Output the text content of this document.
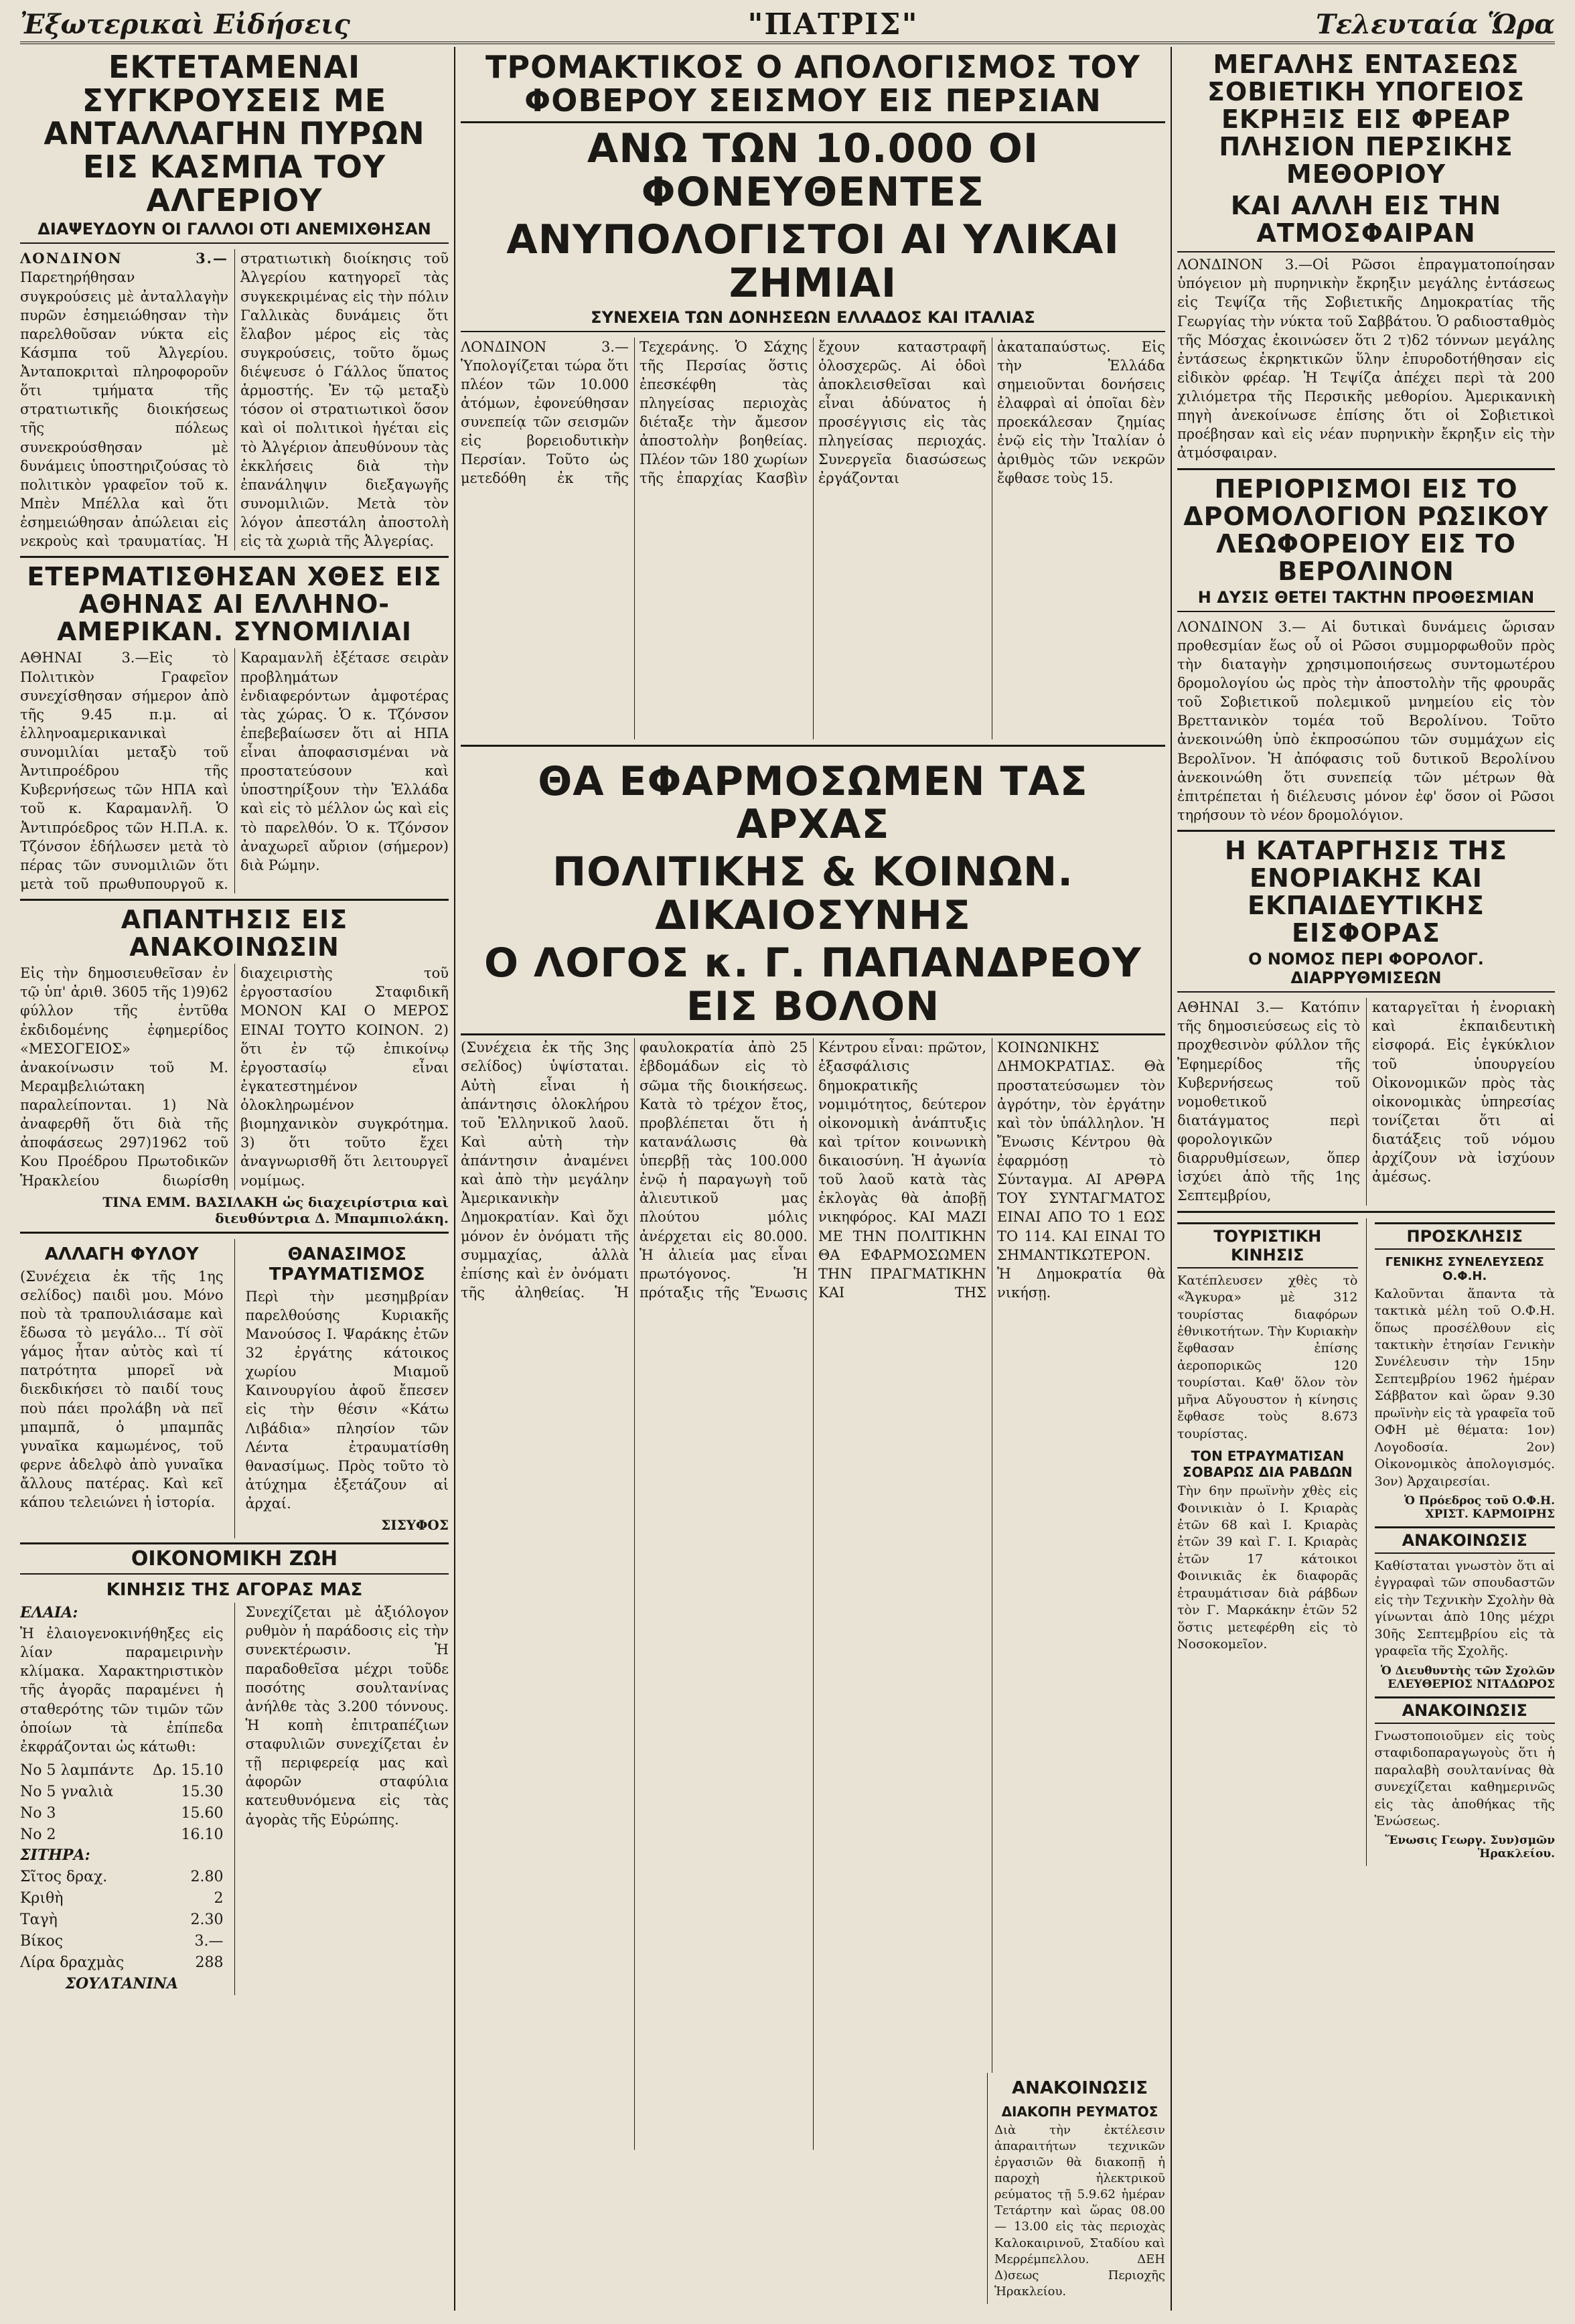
Ἐξωτερικαὶ Εἰδήσεις	"ΠΑΤΡΙΣ"	Τελευταία Ὥρα
ΕΚΤΕΤΑΜΕΝΑΙ ΣΥΓΚΡΟΥΣΕΙΣ ΜΕ ΑΝΤΑΛΛΑΓΗΝ ΠΥΡΩΝ ΕΙΣ ΚΑΣΜΠΑ ΤΟΥ ΑΛΓΕΡΙΟΥ
ΔΙΑΨΕΥΔΟΥΝ ΟΙ ΓΑΛΛΟΙ ΟΤΙ ΑΝΕΜΙΧΘΗΣΑΝ
ΛΟΝΔΙΝΟΝ 3.— Παρετηρήθησαν συγκρούσεις μὲ ἀνταλλαγὴν πυρῶν ἐσημειώθησαν τὴν παρελθοῦσαν νύκτα εἰς Κάσμπα τοῦ Ἀλγερίου. Ἀνταποκριταὶ πληροφοροῦν ὅτι τμήματα τῆς στρατιωτικῆς διοικήσεως τῆς πόλεως συνεκρούσθησαν μὲ δυνάμεις ὑποστηριζούσας τὸ πολιτικὸν γραφεῖον τοῦ κ. Μπὲν Μπέλλα καὶ ὅτι ἐσημειώθησαν ἀπώλειαι εἰς νεκροὺς καὶ τραυματίας. Ἡ στρατιωτικὴ διοίκησις τοῦ Ἀλγερίου κατηγορεῖ τὰς συγκεκριμένας εἰς τὴν πόλιν Γαλλικὰς δυνάμεις ὅτι ἔλαβον μέρος εἰς τὰς συγκρούσεις, τοῦτο ὅμως διέψευσε ὁ Γάλλος ὕπατος ἁρμοστής. Ἐν τῷ μεταξὺ τόσον οἱ στρατιωτικοὶ ὅσον καὶ οἱ πολιτικοὶ ἡγέται εἰς τὸ Ἀλγέριον ἀπευθύνουν τὰς ἐκκλήσεις διὰ τὴν ἐπανάληψιν διεξαγωγῆς συνομιλιῶν. Μετὰ τὸν λόγον ἀπεστάλη ἀποστολὴ εἰς τὰ χωριὰ τῆς Ἀλγερίας.
ΕΤΕΡΜΑΤΙΣΘΗΣΑΝ ΧΘΕΣ ΕΙΣ ΑΘΗΝΑΣ ΑΙ ΕΛΛΗΝΟ-ΑΜΕΡΙΚΑΝ. ΣΥΝΟΜΙΛΙΑΙ
ΑΘΗΝΑΙ 3.—Εἰς τὸ Πολιτικὸν Γραφεῖον συνεχίσθησαν σήμερον ἀπὸ τῆς 9.45 π.μ. αἱ ἑλληνοαμερικανικαὶ συνομιλίαι μεταξὺ τοῦ Ἀντιπροέδρου τῆς Κυβερνήσεως τῶν ΗΠΑ καὶ τοῦ κ. Καραμανλῆ. Ὁ Ἀντιπρόεδρος τῶν Η.Π.Α. κ. Τζόνσον ἐδήλωσεν μετὰ τὸ πέρας τῶν συνομιλιῶν ὅτι μετὰ τοῦ πρωθυπουργοῦ κ. Καραμανλῆ ἐξέτασε σειρὰν προβλημάτων ἐνδιαφερόντων ἀμφοτέρας τὰς χώρας. Ὁ κ. Τζόνσον ἐπεβεβαίωσεν ὅτι αἱ ΗΠΑ εἶναι ἀποφασισμέναι νὰ προστατεύσουν καὶ ὑποστηρίξουν τὴν Ἑλλάδα καὶ εἰς τὸ μέλλον ὡς καὶ εἰς τὸ παρελθόν. Ὁ κ. Τζόνσον ἀναχωρεῖ αὔριον (σήμερον) διὰ Ρώμην.
ΑΠΑΝΤΗΣΙΣ ΕΙΣ ΑΝΑΚΟΙΝΩΣΙΝ
Εἰς τὴν δημοσιευθεῖσαν ἐν τῷ ὑπ' ἀριθ. 3605 τῆς 1)9)62 φύλλον τῆς ἐντῦθα ἐκδιδομένης ἐφημερίδος «ΜΕΣΟΓΕΙΟΣ» ἀνακοίνωσιν τοῦ Μ. Μεραμβελιώτακη παραλείπονται. 1) Νὰ ἀναφερθῆ ὅτι διὰ τῆς ἀποφάσεως 297)1962 τοῦ Κου Προέδρου Πρωτοδικῶν Ἡρακλείου διωρίσθη διαχειριστὴς τοῦ ἐργοστασίου Σταφιδικῆ ΜΟΝΟΝ ΚΑΙ Ο ΜΕΡΟΣ ΕΙΝΑΙ ΤΟΥΤΟ ΚΟΙΝΟΝ. 2) ὅτι ἐν τῷ ἐπικοίνῳ ἐργοστασίῳ εἶναι ἐγκατεστημένον ὁλοκληρωμένον βιομηχανικὸν συγκρότημα. 3) ὅτι τοῦτο ἔχει ἀναγνωρισθῆ ὅτι λειτουργεῖ νομίμως.
ΤΙΝΑ ΕΜΜ. ΒΑΣΙΛΑΚΗ ὡς διαχειρίστρια καὶ διευθύντρια Δ. Μπαμπιολάκη.
ΑΛΛΑΓΗ ΦΥΛΟΥ
(Συνέχεια ἐκ τῆς 1ης σελίδος) παιδὶ μου. Μόνο ποὺ τὰ τραπουλιάσαμε καὶ ἔδωσα τὸ μεγάλο... Τί σὸϊ γάμος ἦταν αὐτὸς καὶ τί πατρότητα μπορεῖ νὰ διεκδικήσει τὸ παιδί τους ποὺ πάει προλάβη νὰ πεῖ μπαμπᾶ, ὁ μπαμπᾶς γυναῖκα καμωμένος, τοῦ φερνε ἀδελφὸ ἀπὸ γυναῖκα ἄλλους πατέρας. Καὶ κεῖ κάπου τελειώνει ἡ ἱστορία.
ΘΑΝΑΣΙΜΟΣ ΤΡΑΥΜΑΤΙΣΜΟΣ
Περὶ τὴν μεσημβρίαν παρελθούσης Κυριακῆς Μανούσος Ι. Ψαράκης ἐτῶν 32 ἐργάτης κάτοικος χωρίου Μιαμοῦ Καινουργίου ἀφοῦ ἔπεσεν εἰς τὴν θέσιν «Κάτω Λιβάδια» πλησίον τῶν Λέντα ἐτραυματίσθη θανασίμως. Πρὸς τοῦτο τὸ ἀτύχημα ἐξετάζουν αἱ ἀρχαί.
ΣΙΣΥΦΟΣ
ΟΙΚΟΝΟΜΙΚΗ ΖΩΗ
ΚΙΝΗΣΙΣ ΤΗΣ ΑΓΟΡΑΣ ΜΑΣ
ΕΛΑΙΑ:
Ἡ ἐλαιογενοκινήθηξες εἰς λίαν παραμειρινὴν κλίμακα. Χαρακτηριστικὸν τῆς ἀγορᾶς παραμένει ἡ σταθερότης τῶν τιμῶν τῶν ὁποίων τὰ ἐπίπεδα ἐκφράζονται ὡς κάτωθι:
Νο 5 λαμπάντε Δρ. 15.10
Νο 5 γναλιὰ	15.30
Νο 3	15.60
Νο 2	16.10
ΣΙΤΗΡΑ:
Σῖτος δραχ.	2.80
Κριθὴ	2
Ταγὴ	2.30
Βίκος	3.—
Λίρα δραχμὰς	288
ΣΟΥΛΤΑΝΙΝΑ
Συνεχίζεται μὲ ἀξιόλογον ρυθμὸν ἡ παράδοσις εἰς τὴν συνεκτέρωσιν. Ἡ παραδοθεῖσα μέχρι τοῦδε ποσότης σουλτανίνας ἀνήλθε τὰς 3.200 τόννους. Ἡ κοπὴ ἐπιτραπέζιων σταφυλιῶν συνεχίζεται ἐν τῇ περιφερείᾳ μας καὶ ἀφορῶν σταφύλια κατευθυνόμενα εἰς τὰς ἀγορὰς τῆς Εὐρώπης.
ΤΡΟΜΑΚΤΙΚΟΣ Ο ΑΠΟΛΟΓΙΣΜΟΣ ΤΟΥ ΦΟΒΕΡΟΥ ΣΕΙΣΜΟΥ ΕΙΣ ΠΕΡΣΙΑΝ
ΑΝΩ ΤΩΝ 10.000 ΟΙ ΦΟΝΕΥΘΕΝΤΕΣ
ΑΝΥΠΟΛΟΓΙΣΤΟΙ ΑΙ ΥΛΙΚΑΙ ΖΗΜΙΑΙ
ΣΥΝΕΧΕΙΑ ΤΩΝ ΔΟΝΗΣΕΩΝ ΕΛΛΑΔΟΣ ΚΑΙ ΙΤΑΛΙΑΣ
ΛΟΝΔΙΝΟΝ 3.— Ὑπολογίζεται τώρα ὅτι πλέον τῶν 10.000 ἀτόμων, ἐφονεύθησαν συνεπείᾳ τῶν σεισμῶν εἰς βορειοδυτικὴν Περσίαν. Τοῦτο ὡς μετεδόθη ἐκ τῆς Τεχεράνης. Ὁ Σάχης τῆς Περσίας ὅστις ἐπεσκέφθη τὰς πληγείσας περιοχὰς διέταξε τὴν ἄμεσον ἀποστολὴν βοηθείας. Πλέον τῶν 180 χωρίων τῆς ἐπαρχίας Κασβὶν ἔχουν καταστραφῆ ὁλοσχερῶς. Αἱ ὁδοὶ ἀποκλεισθεῖσαι καὶ εἶναι ἀδύνατος ἡ προσέγγισις εἰς τὰς πληγείσας περιοχάς. Συνεργεῖα διασώσεως ἐργάζονται ἀκαταπαύστως. Εἰς τὴν Ἑλλάδα σημειοῦνται δονήσεις ἐλαφραὶ αἱ ὁποῖαι δὲν προεκάλεσαν ζημίας ἐνῷ εἰς τὴν Ἰταλίαν ὁ ἀριθμὸς τῶν νεκρῶν ἔφθασε τοὺς 15.
ΘΑ ΕΦΑΡΜΟΣΩΜΕΝ ΤΑΣ ΑΡΧΑΣ
ΠΟΛΙΤΙΚΗΣ & ΚΟΙΝΩΝ. ΔΙΚΑΙΟΣΥΝΗΣ
Ο ΛΟΓΟΣ κ. Γ. ΠΑΠΑΝΔΡΕΟΥ ΕΙΣ ΒΟΛΟΝ
(Συνέχεια ἐκ τῆς 3ης σελίδος) ὑψίσταται. Αὐτὴ εἶναι ἡ ἀπάντησις ὁλοκλήρου τοῦ Ἑλληνικοῦ λαοῦ. Καὶ αὐτὴ τὴν ἀπάντησιν ἀναμένει καὶ ἀπὸ τὴν μεγάλην Ἀμερικανικὴν Δημοκρατίαν. Καὶ ὄχι μόνον ἐν ὀνόματι τῆς συμμαχίας, ἀλλὰ ἐπίσης καὶ ἐν ὀνόματι τῆς ἀληθείας. Ἡ φαυλοκρατία ἀπὸ 25 ἐβδομάδων εἰς τὸ σῶμα τῆς διοικήσεως. Κατὰ τὸ τρέχον ἔτος, προβλέπεται ὅτι ἡ κατανάλωσις θὰ ὑπερβῇ τὰς 100.000 ἐνῷ ἡ παραγωγὴ τοῦ ἀλιευτικοῦ μας πλούτου μόλις ἀνέρχεται εἰς 80.000. Ἡ ἀλιεία μας εἶναι πρωτόγονος. Ἡ πρόταξις τῆς Ἔνωσις Κέντρου εἶναι: πρῶτον, ἐξασφάλισις δημοκρατικῆς νομιμότητος, δεύτερον οἰκονομικὴ ἀνάπτυξις καὶ τρίτον κοινωνικὴ δικαιοσύνη. Ἡ ἀγωνία τοῦ λαοῦ κατὰ τὰς ἐκλογὰς θὰ ἀποβῇ νικηφόρος. ΚΑΙ ΜΑΖΙ ΜΕ ΤΗΝ ΠΟΛΙΤΙΚΗΝ ΘΑ ΕΦΑΡΜΟΣΩΜΕΝ ΤΗΝ ΠΡΑΓΜΑΤΙΚΗΝ ΚΑΙ ΤΗΣ ΚΟΙΝΩΝΙΚΗΣ ΔΗΜΟΚΡΑΤΙΑΣ. Θὰ προστατεύσωμεν τὸν ἀγρότην, τὸν ἐργάτην καὶ τὸν ὑπάλληλον. Ἡ Ἔνωσις Κέντρου θὰ ἐφαρμόσῃ τὸ Σύνταγμα. ΑΙ ΑΡΘΡΑ ΤΟΥ ΣΥΝΤΑΓΜΑΤΟΣ ΕΙΝΑΙ ΑΠΟ ΤΟ 1 ΕΩΣ ΤΟ 114. ΚΑΙ ΕΙΝΑΙ ΤΟ ΣΗΜΑΝΤΙΚΩΤΕΡΟΝ. Ἡ Δημοκρατία θὰ νικήσῃ.
ΑΝΑΚΟΙΝΩΣΙΣ
ΔΙΑΚΟΠΗ ΡΕΥΜΑΤΟΣ
Διὰ τὴν ἐκτέλεσιν ἀπαραιτήτων τεχνικῶν ἐργασιῶν θὰ διακοπῇ ἡ παροχὴ ἠλεκτρικοῦ ρεύματος τῇ 5.9.62 ἡμέραν Τετάρτην καὶ ὥρας 08.00 — 13.00 εἰς τὰς περιοχὰς Καλοκαιρινοῦ, Σταδίου καὶ Μερρέμπελλου. ΔΕΗ Δ)σεως Περιοχῆς Ἡρακλείου.
ΜΕΓΑΛΗΣ ΕΝΤΑΣΕΩΣ ΣΟΒΙΕΤΙΚΗ ΥΠΟΓΕΙΟΣ ΕΚΡΗΞΙΣ ΕΙΣ ΦΡΕΑΡ ΠΛΗΣΙΟΝ ΠΕΡΣΙΚΗΣ ΜΕΘΟΡΙΟΥ
ΚΑΙ ΑΛΛΗ ΕΙΣ ΤΗΝ ΑΤΜΟΣΦΑΙΡΑΝ
ΛΟΝΔΙΝΟΝ 3.—Οἱ Ρῶσοι ἐπραγματοποίησαν ὑπόγειον μὴ πυρηνικὴν ἔκρηξιν μεγάλης ἐντάσεως εἰς Τεψίζα τῆς Σοβιετικῆς Δημοκρατίας τῆς Γεωργίας τὴν νύκτα τοῦ Σαββάτου. Ὁ ραδιοσταθμὸς τῆς Μόσχας ἐκοινώσεν ὅτι 2 τ)δ2 τόννων μεγάλης ἐντάσεως ἐκρηκτικῶν ὕλην ἐπυροδοτήθησαν εἰς εἰδικὸν φρέαρ. Ἡ Τεψίζα ἀπέχει περὶ τὰ 200 χιλιόμετρα τῆς Περσικῆς μεθορίου. Ἀμερικανικὴ πηγὴ ἀνεκοίνωσε ἐπίσης ὅτι οἱ Σοβιετικοὶ προέβησαν καὶ εἰς νέαν πυρηνικὴν ἔκρηξιν εἰς τὴν ἀτμόσφαιραν.
ΠΕΡΙΟΡΙΣΜΟΙ ΕΙΣ ΤΟ ΔΡΟΜΟΛΟΓΙΟΝ ΡΩΣΙΚΟΥ ΛΕΩΦΟΡΕΙΟΥ ΕΙΣ ΤΟ ΒΕΡΟΛΙΝΟΝ
Η ΔΥΣΙΣ ΘΕΤΕΙ ΤΑΚΤΗΝ ΠΡΟΘΕΣΜΙΑΝ
ΛΟΝΔΙΝΟΝ 3.— Αἱ δυτικαὶ δυνάμεις ὥρισαν προθεσμίαν ἕως οὗ οἱ Ρῶσοι συμμορφωθοῦν πρὸς τὴν διαταγὴν χρησιμοποιήσεως συντομωτέρου δρομολογίου ὡς πρὸς τὴν ἀποστολὴν τῆς φρουρᾶς τοῦ Σοβιετικοῦ πολεμικοῦ μνημείου εἰς τὸν Βρεττανικὸν τομέα τοῦ Βερολίνου. Τοῦτο ἀνεκοινώθη ὑπὸ ἐκπροσώπου τῶν συμμάχων εἰς Βερολῖνον. Ἡ ἀπόφασις τοῦ δυτικοῦ Βερολίνου ἀνεκοινώθη ὅτι συνεπείᾳ τῶν μέτρων θὰ ἐπιτρέπεται ἡ διέλευσις μόνον ἐφ' ὅσον οἱ Ρῶσοι τηρήσουν τὸ νέον δρομολόγιον.
Η ΚΑΤΑΡΓΗΣΙΣ ΤΗΣ ΕΝΟΡΙΑΚΗΣ ΚΑΙ ΕΚΠΑΙΔΕΥΤΙΚΗΣ ΕΙΣΦΟΡΑΣ
Ο ΝΟΜΟΣ ΠΕΡΙ ΦΟΡΟΛΟΓ. ΔΙΑΡΡΥΘΜΙΣΕΩΝ
ΑΘΗΝΑΙ 3.— Κατόπιν τῆς δημοσιεύσεως εἰς τὸ προχθεσινὸν φύλλον τῆς Ἐφημερίδος τῆς Κυβερνήσεως τοῦ νομοθετικοῦ διατάγματος περὶ φορολογικῶν διαρρυθμίσεων, ὅπερ ἰσχύει ἀπὸ τῆς 1ης Σεπτεμβρίου, καταργεῖται ἡ ἐνοριακὴ καὶ ἐκπαιδευτικὴ εἰσφορά. Εἰς ἐγκύκλιον τοῦ ὑπουργείου Οἰκονομικῶν πρὸς τὰς οἰκονομικὰς ὑπηρεσίας τονίζεται ὅτι αἱ διατάξεις τοῦ νόμου ἀρχίζουν νὰ ἰσχύουν ἀμέσως.
ΤΟΥΡΙΣΤΙΚΗ ΚΙΝΗΣΙΣ
Κατέπλευσεν χθὲς τὸ «Ἄγκυρα» μὲ 312 τουρίστας διαφόρων ἐθνικοτήτων. Τὴν Κυριακὴν ἔφθασαν ἐπίσης ἀεροπορικῶς 120 τουρίσται. Καθ' ὅλον τὸν μῆνα Αὔγουστον ἡ κίνησις ἔφθασε τοὺς 8.673 τουρίστας.
ΤΟΝ ΕΤΡΑΥΜΑΤΙΣΑΝ ΣΟΒΑΡΩΣ ΔΙΑ ΡΑΒΔΩΝ
Τὴν 6ην πρωϊνὴν χθὲς εἰς Φοινικιὰν ὁ Ι. Κριαρὰς ἐτῶν 68 καὶ Ι. Κριαρὰς ἐτῶν 39 καὶ Γ. Ι. Κριαρὰς ἐτῶν 17 κάτοικοι Φοινικιᾶς ἐκ διαφορᾶς ἐτραυμάτισαν διὰ ράβδων τὸν Γ. Μαρκάκην ἐτῶν 52 ὅστις μετεφέρθη εἰς τὸ Νοσοκομεῖον.
ΠΡΟΣΚΛΗΣΙΣ
ΓΕΝΙΚΗΣ ΣΥΝΕΛΕΥΣΕΩΣ Ο.Φ.Η.
Καλοῦνται ἅπαντα τὰ τακτικὰ μέλη τοῦ Ο.Φ.Η. ὅπως προσέλθουν εἰς τακτικὴν ἐτησίαν Γενικὴν Συνέλευσιν τὴν 15ην Σεπτεμβρίου 1962 ἡμέραν Σάββατον καὶ ὥραν 9.30 πρωϊνὴν εἰς τὰ γραφεῖα τοῦ ΟΦΗ μὲ θέματα: 1ον) Λογοδοσία. 2ον) Οἰκονομικὸς ἀπολογισμός. 3ον) Ἀρχαιρεσίαι.
Ὁ Πρόεδρος τοῦ Ο.Φ.Η. ΧΡΙΣΤ. ΚΑΡΜΟΙΡΗΣ
ΑΝΑΚΟΙΝΩΣΙΣ
Καθίσταται γνωστὸν ὅτι αἱ ἐγγραφαὶ τῶν σπουδαστῶν εἰς τὴν Τεχνικὴν Σχολὴν θὰ γίνωνται ἀπὸ 10ης μέχρι 30ῆς Σεπτεμβρίου εἰς τὰ γραφεῖα τῆς Σχολῆς.
Ὁ Διευθυντὴς τῶν Σχολῶν ΕΛΕΥΘΕΡΙΟΣ ΝΙΤΑΔΩΡΟΣ
ΑΝΑΚΟΙΝΩΣΙΣ
Γνωστοποιοῦμεν εἰς τοὺς σταφιδοπαραγωγοὺς ὅτι ἡ παραλαβὴ σουλτανίνας θὰ συνεχίζεται καθημερινῶς εἰς τὰς ἀποθήκας τῆς Ἑνώσεως.
Ἕνωσις Γεωργ. Συν)σμῶν Ἡρακλείου.
